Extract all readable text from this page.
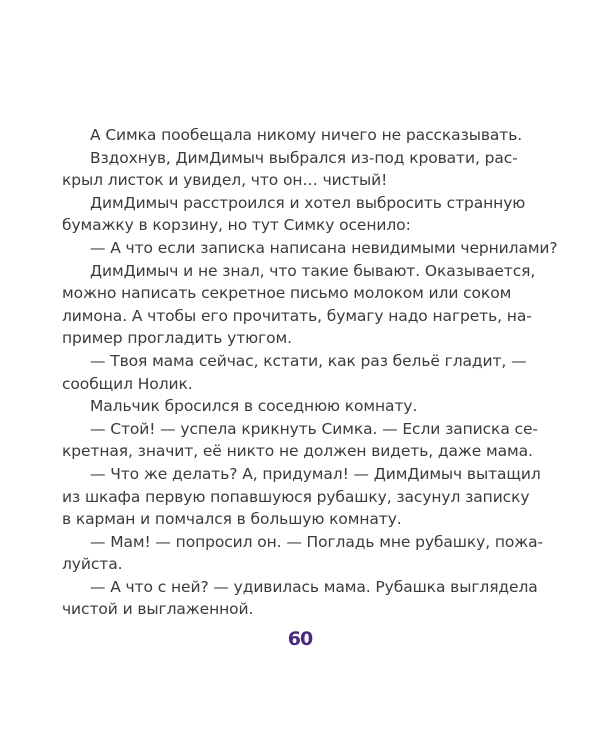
А Симка пообещала никому ничего не рассказывать.
Вздохнув, ДимДимыч выбрался из-под кровати, рас-
крыл листок и увидел, что он… чистый!
ДимДимыч расстроился и хотел выбросить странную
бумажку в корзину, но тут Симку осенило:
— А что если записка написана невидимыми чернилами?
ДимДимыч и не знал, что такие бывают. Оказывается,
можно написать секретное письмо молоком или соком
лимона. А чтобы его прочитать, бумагу надо нагреть, на-
пример прогладить утюгом.
— Твоя мама сейчас, кстати, как раз бельё гладит, —
сообщил Нолик.
Мальчик бросился в соседнюю комнату.
— Стой! — успела крикнуть Симка. — Если записка се-
кретная, значит, её никто не должен видеть, даже мама.
— Что же делать? А, придумал! — ДимДимыч вытащил
из шкафа первую попавшуюся рубашку, засунул записку
в карман и помчался в большую комнату.
— Мам! — попросил он. — Погладь мне рубашку, пожа-
луйста.
— А что с ней? — удивилась мама. Рубашка выглядела
чистой и выглаженной.
60
